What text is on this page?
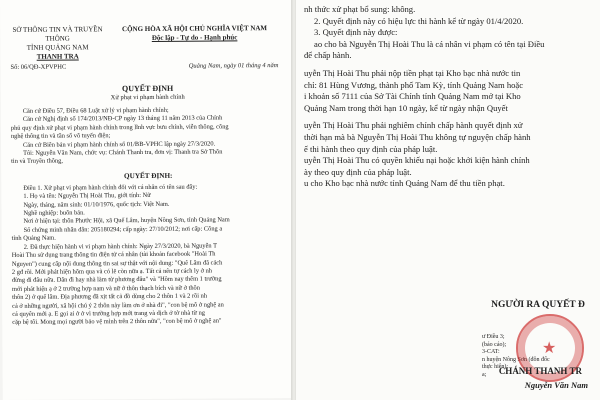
SỞ THÔNG TIN VÀ TRUYỀN THÔNG
TỈNH QUẢNG NAM
THANH TRA
CỘNG HÒA XÃ HỘI CHỦ NGHĨA VIỆT NAM
Độc lập - Tự do - Hạnh phúc
Số: 06/QĐ-XPVPHC	Quảng Nam, ngày 01 tháng 4 năm
QUYẾT ĐỊNH
Xử phạt vi phạm hành chính

Căn cứ Điều 57, Điều 68 Luật xử lý vi phạm hành chính;

Căn cứ Nghị định số 174/2013/NĐ-CP ngày 13 tháng 11 năm 2013 của Chính

phủ quy định xử phạt vi phạm hành chính trong lĩnh vực bưu chính, viễn thông, công

nghệ thông tin và tần số vô tuyến điện;

Căn cứ Biên bản vi phạm hành chính số 01/BB-VPHC lập ngày 27/3/2020.

Tôi: Nguyễn Văn Nam, chức vụ: Chánh Thanh tra, đơn vị: Thanh tra Sở Thôn

tin và Truyền thông,

QUYẾT ĐỊNH:

Điều 1. Xử phạt vi phạm hành chính đối với cá nhân có tên sau đây:

1. Họ và tên: Nguyễn Thị Hoài Thu, giới tính: Nữ

Ngày, tháng, năm sinh: 01/10/1976, quốc tịch: Việt Nam.

Nghề nghiệp: buôn bán.

Nơi ở hiện tại: thôn Phước Hội, xã Quế Lâm, huyện Nông Sơn, tỉnh Quảng Nam

Số chứng minh nhân dân: 205180294; cấp ngày: 27/10/2012; nơi cấp: Công a

tỉnh Quảng Nam.

2. Đã thực hiện hành vi vi phạm hành chính: Ngày 27/3/2020, bà Nguyễn T

Hoài Thu sử dụng trang thông tin điện tử cá nhân (tài khoản facebook "Hoài Th

Nguyen") cung cấp nội dung thông tin sai sự thật với nội dung: "Quê Lâm đã cách

2 gđ rồi. Mới phát hiện hôm qua và có lẽ còn nữa ạ. Tất cả nên tự cách ly ở nh

đừng đi đâu nữa. Dân đi hay nhà làm từ phương đâu" và "Hôm nay thêm 1 trường

mới phát hiện ạ ở 2 trường hợp nam và nữ ở thôn thạch bích và nữ ở thôn

thôn 2) ở quế lâm. Địa phương đã xịt tất cả đồ dùng cho 2 thôn 1 và 2 rồi nh

cả ở những người, xã hội chú ý 2 thôn này làm ơn ở nhà đi", "con bệ mô ở nghệ an

cá quyên mới ạ. E gọi ai ở ở vì trường hợp mới trang và dịch ở tờ nhà từ ng

cặp bệ tôi. Mong mọi người bảo vệ mình trên 2 thôn nữa", "con bệ mô ở nghệ an"

nh thức xử phạt bổ sung: không.

2. Quyết định này có hiệu lực thi hành kể từ ngày 01/4/2020.

3. Quyết định này được:

ao cho bà Nguyễn Thị Hoài Thu là cá nhân vi phạm có tên tại Điều

để chấp hành.

uyễn Thị Hoài Thu phải nộp tiền phạt tại Kho bạc nhà nước tin

chỉ: 81 Hùng Vương, thành phố Tam Kỳ, tỉnh Quảng Nam hoặc

i khoản số 7111 của Sở Tài Chính tỉnh Quảng Nam mở tại Kho

Quảng Nam trong thời hạn 10 ngày, kể từ ngày nhận Quyết

uyễn Thị Hoài Thu phải nghiêm chỉnh chấp hành quyết định xử

thời hạn mà bà Nguyễn Thị Hoài Thu không tự nguyện chấp hành

ế thi hành theo quy định của pháp luật.

uyễn Thị Hoài Thu có quyền khiếu nại hoặc khởi kiện hành chính

ày theo quy định của pháp luật.

u cho Kho bạc nhà nước tỉnh Quảng Nam để thu tiền phạt.

NGƯỜI RA QUYẾT Đ
ư Điều 3;
(báo cáo);
3-CAT:
n huyện Nông Sơn (đôn đốc thực hiện);
a;
★
CHÁNH THANH TR
Nguyễn Văn Nam
